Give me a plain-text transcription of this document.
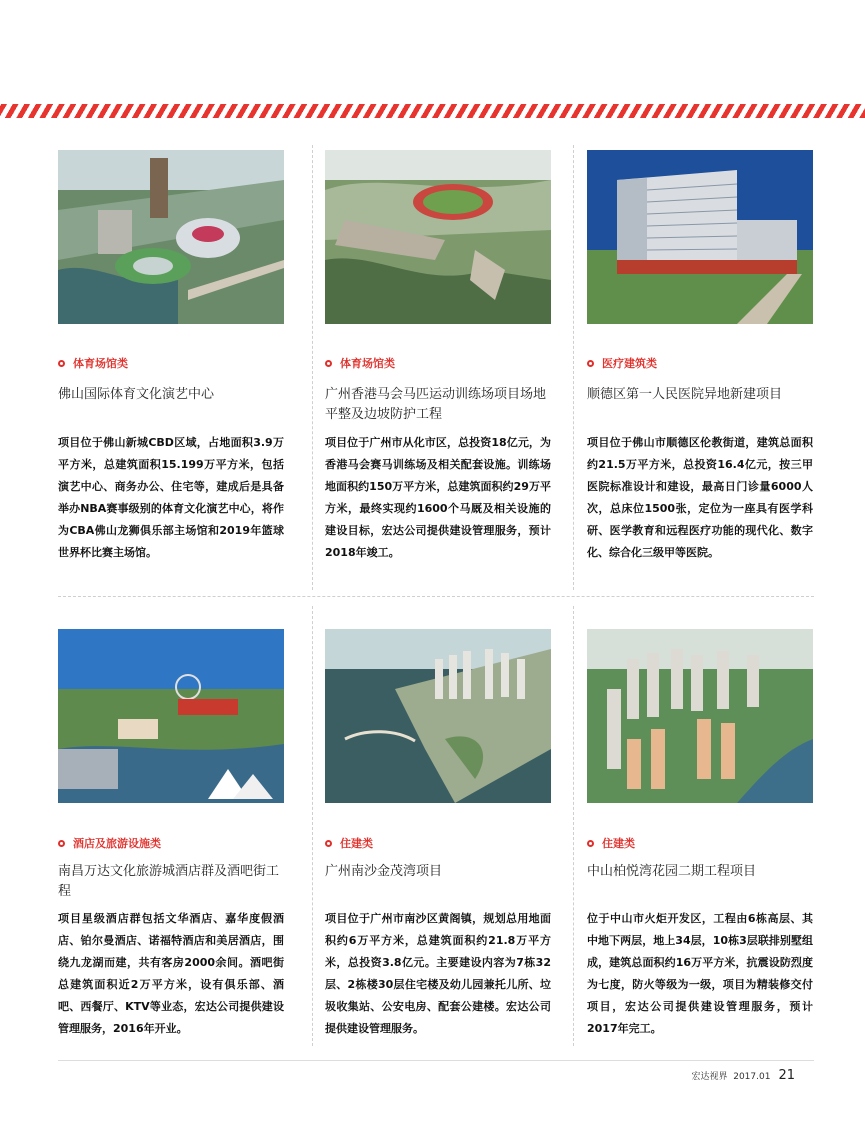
体育场馆类
佛山国际体育文化演艺中心
项目位于佛山新城CBD区域，占地面积3.9万平方米，总建筑面积15.199万平方米，包括演艺中心、商务办公、住宅等，建成后是具备举办NBA赛事级别的体育文化演艺中心，将作为CBA佛山龙狮俱乐部主场馆和2019年篮球世界杯比赛主场馆。
体育场馆类
广州香港马会马匹运动训练场项目场地平整及边坡防护工程
项目位于广州市从化市区，总投资18亿元，为香港马会赛马训练场及相关配套设施。训练场地面积约150万平方米，总建筑面积约29万平方米，最终实现约1600个马厩及相关设施的建设目标，宏达公司提供建设管理服务，预计2018年竣工。
医疗建筑类
顺德区第一人民医院异地新建项目
项目位于佛山市顺德区伦教街道，建筑总面积约21.5万平方米，总投资16.4亿元，按三甲医院标准设计和建设，最高日门诊量6000人次，总床位1500张，定位为一座具有医学科研、医学教育和远程医疗功能的现代化、数字化、综合化三级甲等医院。
酒店及旅游设施类
南昌万达文化旅游城酒店群及酒吧街工程
项目星级酒店群包括文华酒店、嘉华度假酒店、铂尔曼酒店、诺福特酒店和美居酒店，围绕九龙湖而建，共有客房2000余间。酒吧街总建筑面积近2万平方米，设有俱乐部、酒吧、西餐厅、KTV等业态，宏达公司提供建设管理服务，2016年开业。
住建类
广州南沙金茂湾项目
项目位于广州市南沙区黄阁镇，规划总用地面积约6万平方米，总建筑面积约21.8万平方米，总投资3.8亿元。主要建设内容为7栋32层、2栋楼30层住宅楼及幼儿园兼托儿所、垃圾收集站、公安电房、配套公建楼。宏达公司提供建设管理服务。
住建类
中山柏悦湾花园二期工程项目
位于中山市火炬开发区，工程由6栋高层、其中地下两层，地上34层，10栋3层联排别墅组成，建筑总面积约16万平方米，抗震设防烈度为七度，防火等级为一级，项目为精装修交付项目，宏达公司提供建设管理服务，预计2017年完工。
宏达视界
2017.01 21
